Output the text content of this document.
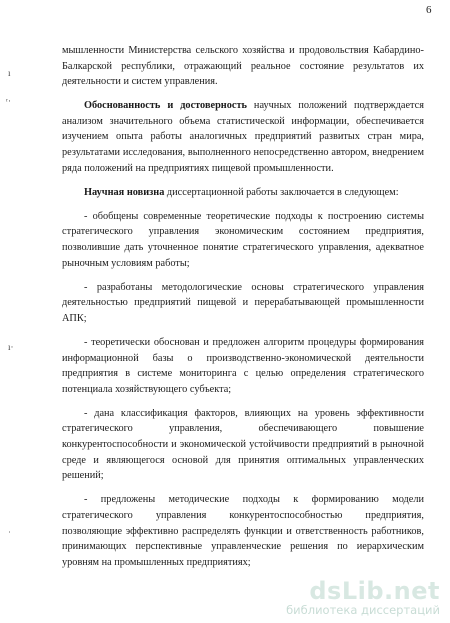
6
ı
ʳ·
ı·
ʿ

мышленности Министерства сельского хозяйства и продовольствия Кабардино-Балкарской республики, отражающий реальное состояние результатов их деятельности и систем управления.

Обоснованность и достоверность научных положений подтверждается анализом значительного объема статистической информации, обеспечивается изучением опыта работы аналогичных предприятий развитых стран мира, результатами исследования, выполненного непосредственно автором, внедрением ряда положений на предприятиях пищевой промышленности.

Научная новизна диссертационной работы заключается в следующем:

- обобщены современные теоретические подходы к построению системы стратегического управления экономическим состоянием предприятия, позволившие дать уточненное понятие стратегического управления, адекватное рыночным условиям работы;

- разработаны методологические основы стратегического управления деятельностью предприятий пищевой и перерабатывающей промышленности АПК;

- теоретически обоснован и предложен алгоритм процедуры формирования информационной базы о производственно-экономической деятельности предприятия в системе мониторинга с целью определения стратегического потенциала хозяйствующего субъекта;

- дана классификация факторов, влияющих на уровень эффективности стратегического управления, обеспечивающего повышение конкурентоспособности и экономической устойчивости предприятий в рыночной среде и являющегося основой для принятия оптимальных управленческих решений;

- предложены методические подходы к формированию модели стратегического управления конкурентоспособностью предприятия, позволяющие эффективно распределять функции и ответственность работников, принимающих перспективные управленческие решения по иерархическим уровням на промышленных предприятиях;

dsLib.net
библиотека диссертаций
